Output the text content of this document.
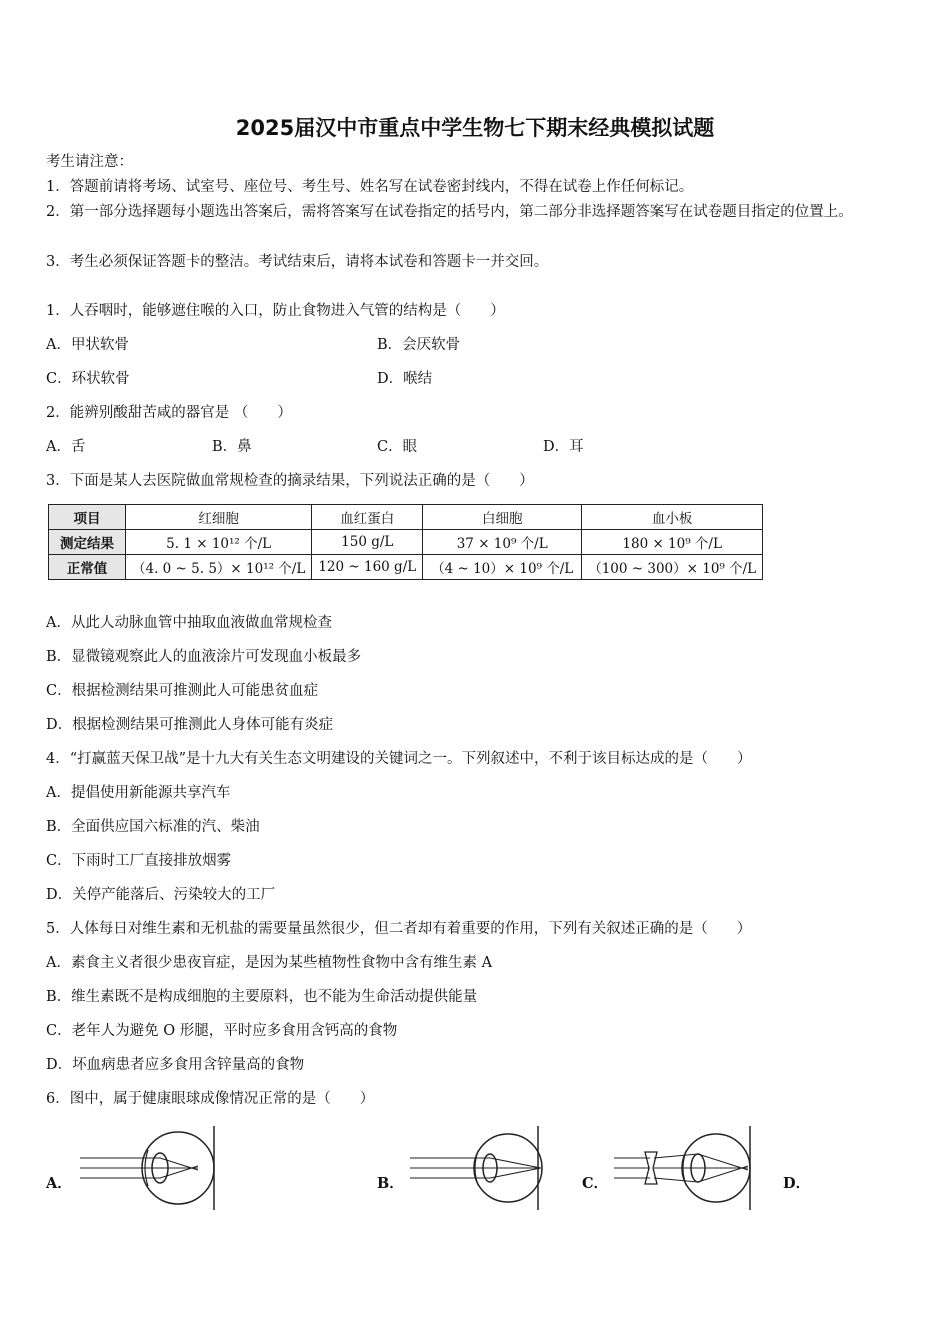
2025届汉中市重点中学生物七下期末经典模拟试题
考生请注意：
1．答题前请将考场、试室号、座位号、考生号、姓名写在试卷密封线内，不得在试卷上作任何标记。
2．第一部分选择题每小题选出答案后，需将答案写在试卷指定的括号内，第二部分非选择题答案写在试卷题目指定的位置上。
3．考生必须保证答题卡的整洁。考试结束后，请将本试卷和答题卡一并交回。
1．人吞咽时，能够遮住喉的入口，防止食物进入气管的结构是（　　）
A．甲状软骨	B．会厌软骨
C．环状软骨	D．喉结
2．能辨别酸甜苦咸的器官是 （　　）
A．舌	B．鼻	C．眼	D．耳
3．下面是某人去医院做血常规检查的摘录结果，下列说法正确的是（　　）
项目	红细胞	血红蛋白	白细胞	血小板
测定结果	5. 1 × 10¹² 个/L	150 g/L	37 × 10⁹ 个/L	180 × 10⁹ 个/L
正常值	（4. 0 ~ 5. 5）× 10¹² 个/L	120 ~ 160 g/L	（4 ~ 10）× 10⁹ 个/L	（100 ~ 300）× 10⁹ 个/L
A．从此人动脉血管中抽取血液做血常规检查
B．显微镜观察此人的血液涂片可发现血小板最多
C．根据检测结果可推测此人可能患贫血症
D．根据检测结果可推测此人身体可能有炎症
4．“打赢蓝天保卫战”是十九大有关生态文明建设的关键词之一。下列叙述中，不利于该目标达成的是（　　）
A．提倡使用新能源共享汽车
B．全面供应国六标准的汽、柴油
C．下雨时工厂直接排放烟雾
D．关停产能落后、污染较大的工厂
5．人体每日对维生素和无机盐的需要量虽然很少，但二者却有着重要的作用，下列有关叙述正确的是（　　）
A．素食主义者很少患夜盲症，是因为某些植物性食物中含有维生素 A
B．维生素既不是构成细胞的主要原料，也不能为生命活动提供能量
C．老年人为避免 O 形腿，平时应多食用含钙高的食物
D．坏血病患者应多食用含锌量高的食物
6．图中，属于健康眼球成像情况正常的是（　　）
A．	B．	C．	D．
